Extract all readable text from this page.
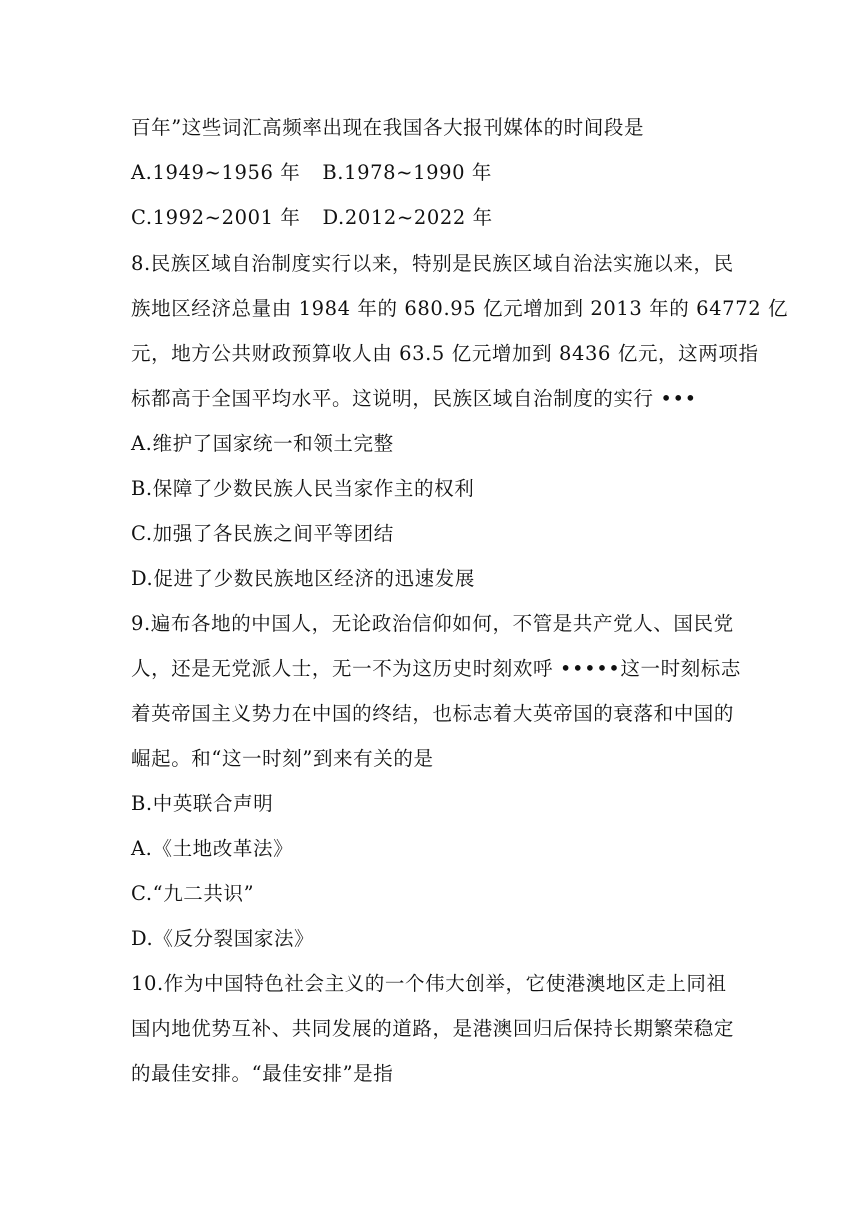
百年”这些词汇高频率出现在我国各大报刊媒体的时间段是
A.1949~1956 年 B.1978~1990 年
C.1992~2001 年 D.2012~2022 年
8.民族区域自治制度实行以来，特别是民族区域自治法实施以来，民
族地区经济总量由 1984 年的 680.95 亿元增加到 2013 年的 64772 亿
元，地方公共财政预算收人由 63.5 亿元增加到 8436 亿元，这两项指
标都高于全国平均水平。这说明，民族区域自治制度的实行 •••
A.维护了国家统一和领土完整
B.保障了少数民族人民当家作主的权利
C.加强了各民族之间平等团结
D.促进了少数民族地区经济的迅速发展
9.遍布各地的中国人，无论政治信仰如何，不管是共产党人、国民党
人，还是无党派人士，无一不为这历史时刻欢呼 •••••这一时刻标志
着英帝国主义势力在中国的终结，也标志着大英帝国的衰落和中国的
崛起。和“这一时刻”到来有关的是
B.中英联合声明
A.《土地改革法》
C.“九二共识”
D.《反分裂国家法》
10.作为中国特色社会主义的一个伟大创举，它使港澳地区走上同祖
国内地优势互补、共同发展的道路，是港澳回归后保持长期繁荣稳定
的最佳安排。“最佳安排”是指
